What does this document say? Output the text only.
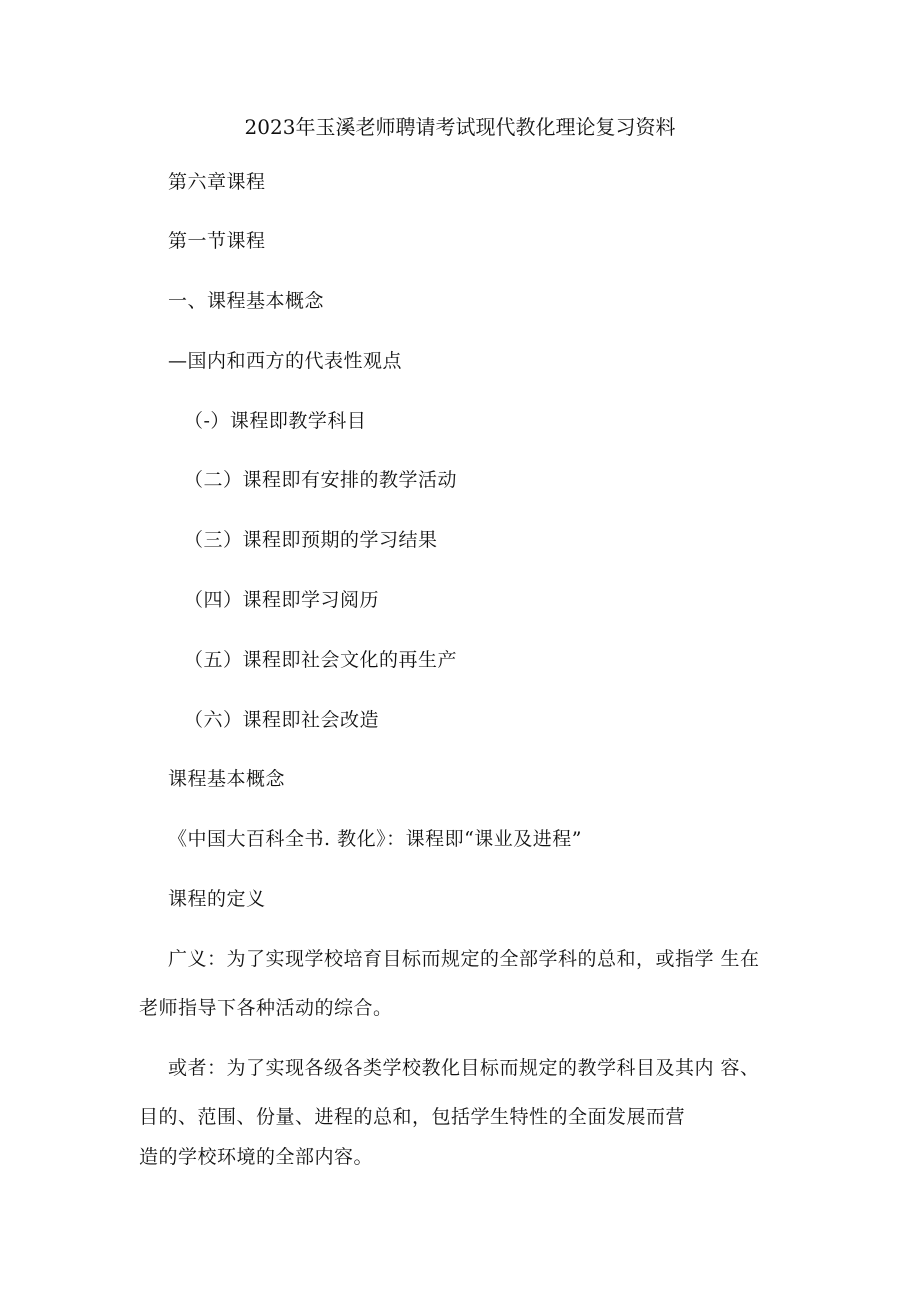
2023年玉溪老师聘请考试现代教化理论复习资料
第六章课程
第一节课程
一、课程基本概念
—国内和西方的代表性观点
（-）课程即教学科目
（二）课程即有安排的教学活动
（三）课程即预期的学习结果
（四）课程即学习阅历
（五）课程即社会文化的再生产
（六）课程即社会改造
课程基本概念
《中国大百科全书. 教化》：课程即“课业及进程”
课程的定义
广义：为了实现学校培育目标而规定的全部学科的总和，或指学 生在
老师指导下各种活动的综合。
或者：为了实现各级各类学校教化目标而规定的教学科目及其内 容、
目的、范围、份量、进程的总和，包括学生特性的全面发展而营
造的学校环境的全部内容。
